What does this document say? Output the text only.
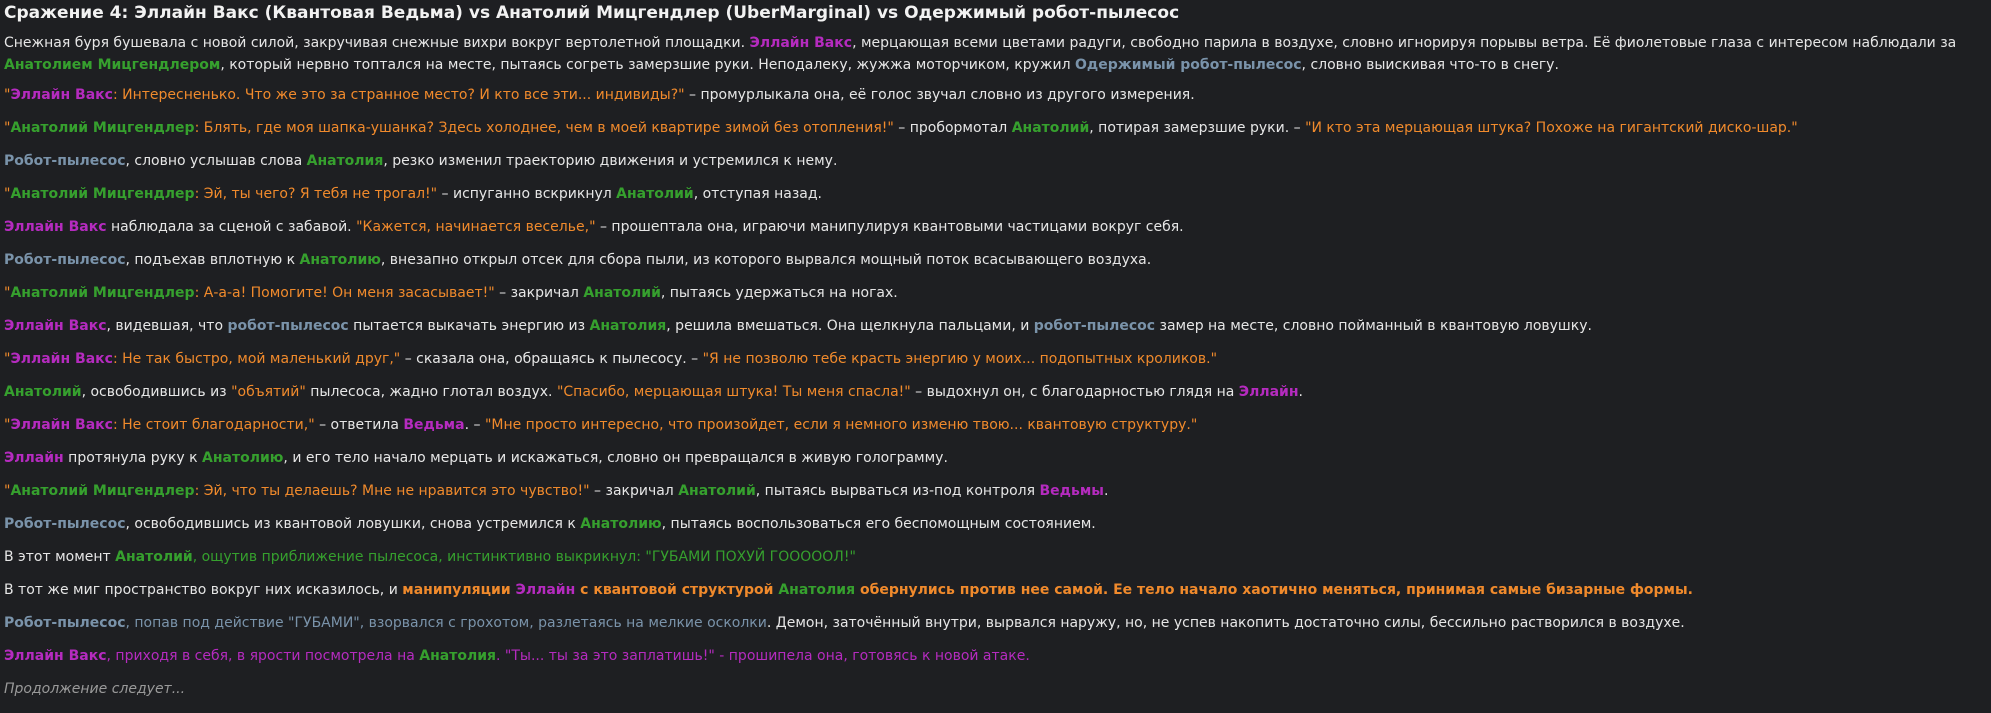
Сражение 4: Эллайн Вакс (Квантовая Ведьма) vs Анатолий Мицгендлер (UberMarginal) vs Одержимый робот-пылесос
Снежная буря бушевала с новой силой, закручивая снежные вихри вокруг вертолетной площадки. Эллайн Вакс, мерцающая всеми цветами радуги, свободно парила в воздухе, словно игнорируя порывы ветра. Её фиолетовые глаза с интересом наблюдали за Анатолием Мицгендлером, который нервно топтался на месте, пытаясь согреть замерзшие руки. Неподалеку, жужжа моторчиком, кружил Одержимый робот-пылесос, словно выискивая что-то в снегу.
"Эллайн Вакс: Интересненько. Что же это за странное место? И кто все эти... индивиды?" – промурлыкала она, её голос звучал словно из другого измерения.
"Анатолий Мицгендлер: Блять, где моя шапка-ушанка? Здесь холоднее, чем в моей квартире зимой без отопления!" – пробормотал Анатолий, потирая замерзшие руки. – "И кто эта мерцающая штука? Похоже на гигантский диско-шар."
Робот-пылесос, словно услышав слова Анатолия, резко изменил траекторию движения и устремился к нему.
"Анатолий Мицгендлер: Эй, ты чего? Я тебя не трогал!" – испуганно вскрикнул Анатолий, отступая назад.
Эллайн Вакс наблюдала за сценой с забавой. "Кажется, начинается веселье," – прошептала она, играючи манипулируя квантовыми частицами вокруг себя.
Робот-пылесос, подъехав вплотную к Анатолию, внезапно открыл отсек для сбора пыли, из которого вырвался мощный поток всасывающего воздуха.
"Анатолий Мицгендлер: А-а-а! Помогите! Он меня засасывает!" – закричал Анатолий, пытаясь удержаться на ногах.
Эллайн Вакс, видевшая, что робот-пылесос пытается выкачать энергию из Анатолия, решила вмешаться. Она щелкнула пальцами, и робот-пылесос замер на месте, словно пойманный в квантовую ловушку.
"Эллайн Вакс: Не так быстро, мой маленький друг," – сказала она, обращаясь к пылесосу. – "Я не позволю тебе красть энергию у моих... подопытных кроликов."
Анатолий, освободившись из "объятий" пылесоса, жадно глотал воздух. "Спасибо, мерцающая штука! Ты меня спасла!" – выдохнул он, с благодарностью глядя на Эллайн.
"Эллайн Вакс: Не стоит благодарности," – ответила Ведьма. – "Мне просто интересно, что произойдет, если я немного изменю твою... квантовую структуру."
Эллайн протянула руку к Анатолию, и его тело начало мерцать и искажаться, словно он превращался в живую голограмму.
"Анатолий Мицгендлер: Эй, что ты делаешь? Мне не нравится это чувство!" – закричал Анатолий, пытаясь вырваться из-под контроля Ведьмы.
Робот-пылесос, освободившись из квантовой ловушки, снова устремился к Анатолию, пытаясь воспользоваться его беспомощным состоянием.
В этот момент Анатолий, ощутив приближение пылесоса, инстинктивно выкрикнул: "ГУБАМИ ПОХУЙ ГОООООЛ!"
В тот же миг пространство вокруг них исказилось, и манипуляции Эллайн с квантовой структурой Анатолия обернулись против нее самой. Ее тело начало хаотично меняться, принимая самые бизарные формы.
Робот-пылесос, попав под действие "ГУБАМИ", взорвался с грохотом, разлетаясь на мелкие осколки. Демон, заточённый внутри, вырвался наружу, но, не успев накопить достаточно силы, бессильно растворился в воздухе.
Эллайн Вакс, приходя в себя, в ярости посмотрела на Анатолия. "Ты... ты за это заплатишь!" - прошипела она, готовясь к новой атаке.
Продолжение следует...
